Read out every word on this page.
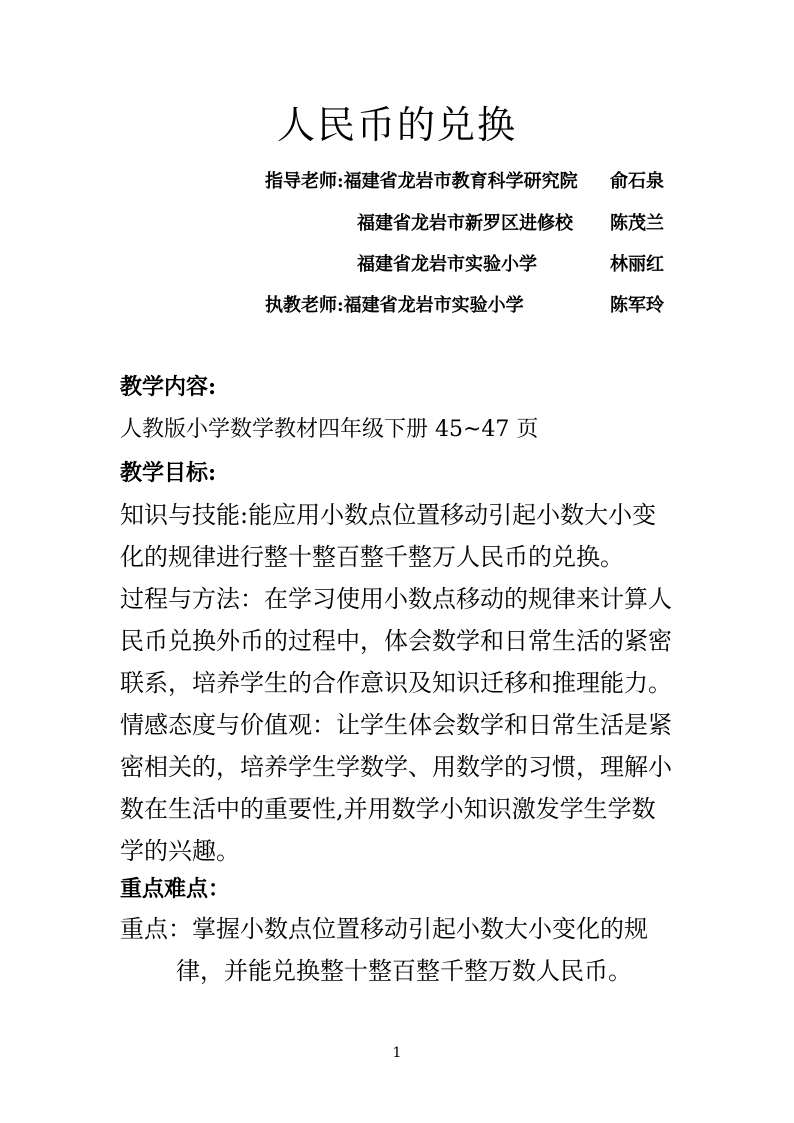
人民币的兑换
指导老师:福建省龙岩市教育科学研究院 俞石泉
福建省龙岩市新罗区进修校 陈茂兰
福建省龙岩市实验小学	林丽红
执教老师:福建省龙岩市实验小学	陈军玲
教学内容:
人教版小学数学教材四年级下册 45~47 页
教学目标:
知识与技能:能应用小数点位置移动引起小数大小变
化的规律进行整十整百整千整万人民币的兑换。
过程与方法：在学习使用小数点移动的规律来计算人
民币兑换外币的过程中，体会数学和日常生活的紧密
联系，培养学生的合作意识及知识迁移和推理能力。
情感态度与价值观：让学生体会数学和日常生活是紧
密相关的，培养学生学数学、用数学的习惯，理解小
数在生活中的重要性,并用数学小知识激发学生学数
学的兴趣。
重点难点：
重点：掌握小数点位置移动引起小数大小变化的规
律，并能兑换整十整百整千整万数人民币。
1
